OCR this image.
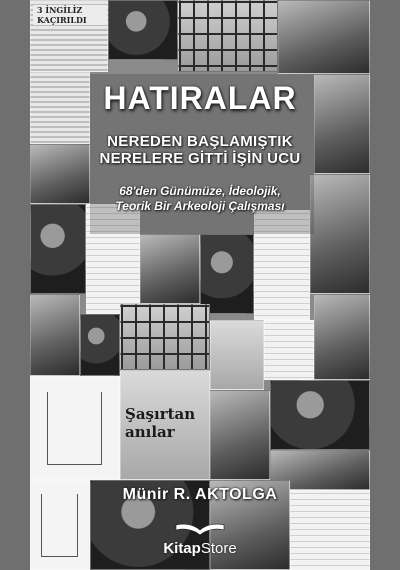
3 İNGİLİZ KAÇIRILDI
Şaşırtan anılar
HATIRALAR
NEREDEN BAŞLAMIŞTIK
NERELERE GİTTİ İŞİN UCU
68'den Günümüze, İdeolojik,
Teorik Bir Arkeoloji Çalışması
Münir R. AKTOLGA
KitapStore
